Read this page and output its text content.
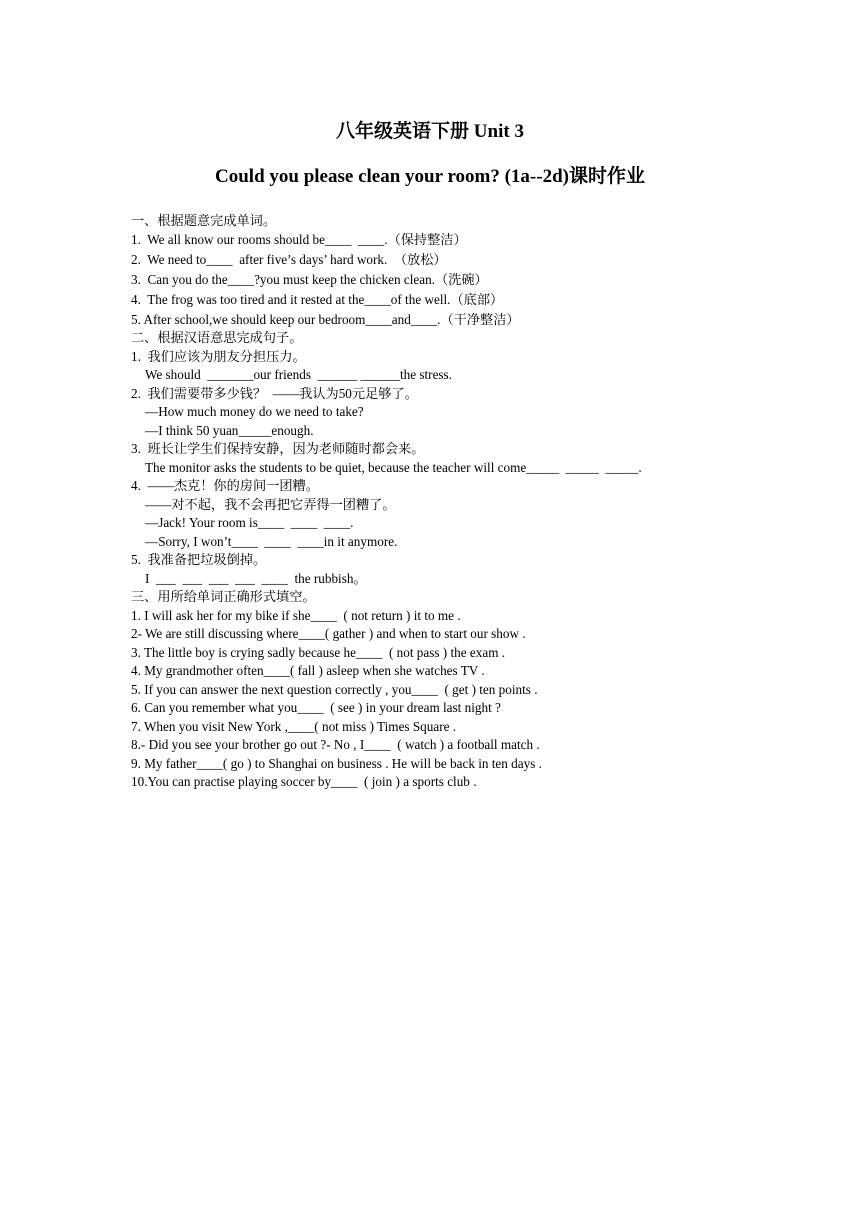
八年级英语下册 Unit 3
Could you please clean your room? (1a--2d)课时作业
一、根据题意完成单词。
1.  We all know our rooms should be____  ____.（保持整洁）
2.  We need to____  after five’s days’ hard work.  （放松）
3.  Can you do the____?you must keep the chicken clean.（洗碗）
4.  The frog was too tired and it rested at the____of the well.（底部）
5. After school,we should keep our bedroom____and____.（干净整洁）
二、根据汉语意思完成句子。
1.  我们应该为朋友分担压力。
We should  _______our friends  ______ ______the stress.
2.  我们需要带多少钱？  ——我认为50元足够了。
—How much money do we need to take?
—I think 50 yuan_____enough.
3.  班长让学生们保持安静，因为老师随时都会来。
The monitor asks the students to be quiet, because the teacher will come_____  _____  _____.
4.  ——杰克！你的房间一团糟。
——对不起，我不会再把它弄得一团糟了。
—Jack! Your room is____  ____  ____.
—Sorry, I won’t____  ____  ____in it anymore.
5.  我准备把垃圾倒掉。
I  ___  ___  ___  ___  ____  the rubbish。
三、用所给单词正确形式填空。
1. I will ask her for my bike if she____  ( not return ) it to me .
2- We are still discussing where____( gather ) and when to start our show .
3. The little boy is crying sadly because he____  ( not pass ) the exam .
4. My grandmother often____( fall ) asleep when she watches TV .
5. If you can answer the next question correctly , you____  ( get ) ten points .
6. Can you remember what you____  ( see ) in your dream last night ?
7. When you visit New York ,____( not miss ) Times Square .
8.- Did you see your brother go out ?- No , I____  ( watch ) a football match .
9. My father____( go ) to Shanghai on business . He will be back in ten days .
10.You can practise playing soccer by____  ( join ) a sports club .
